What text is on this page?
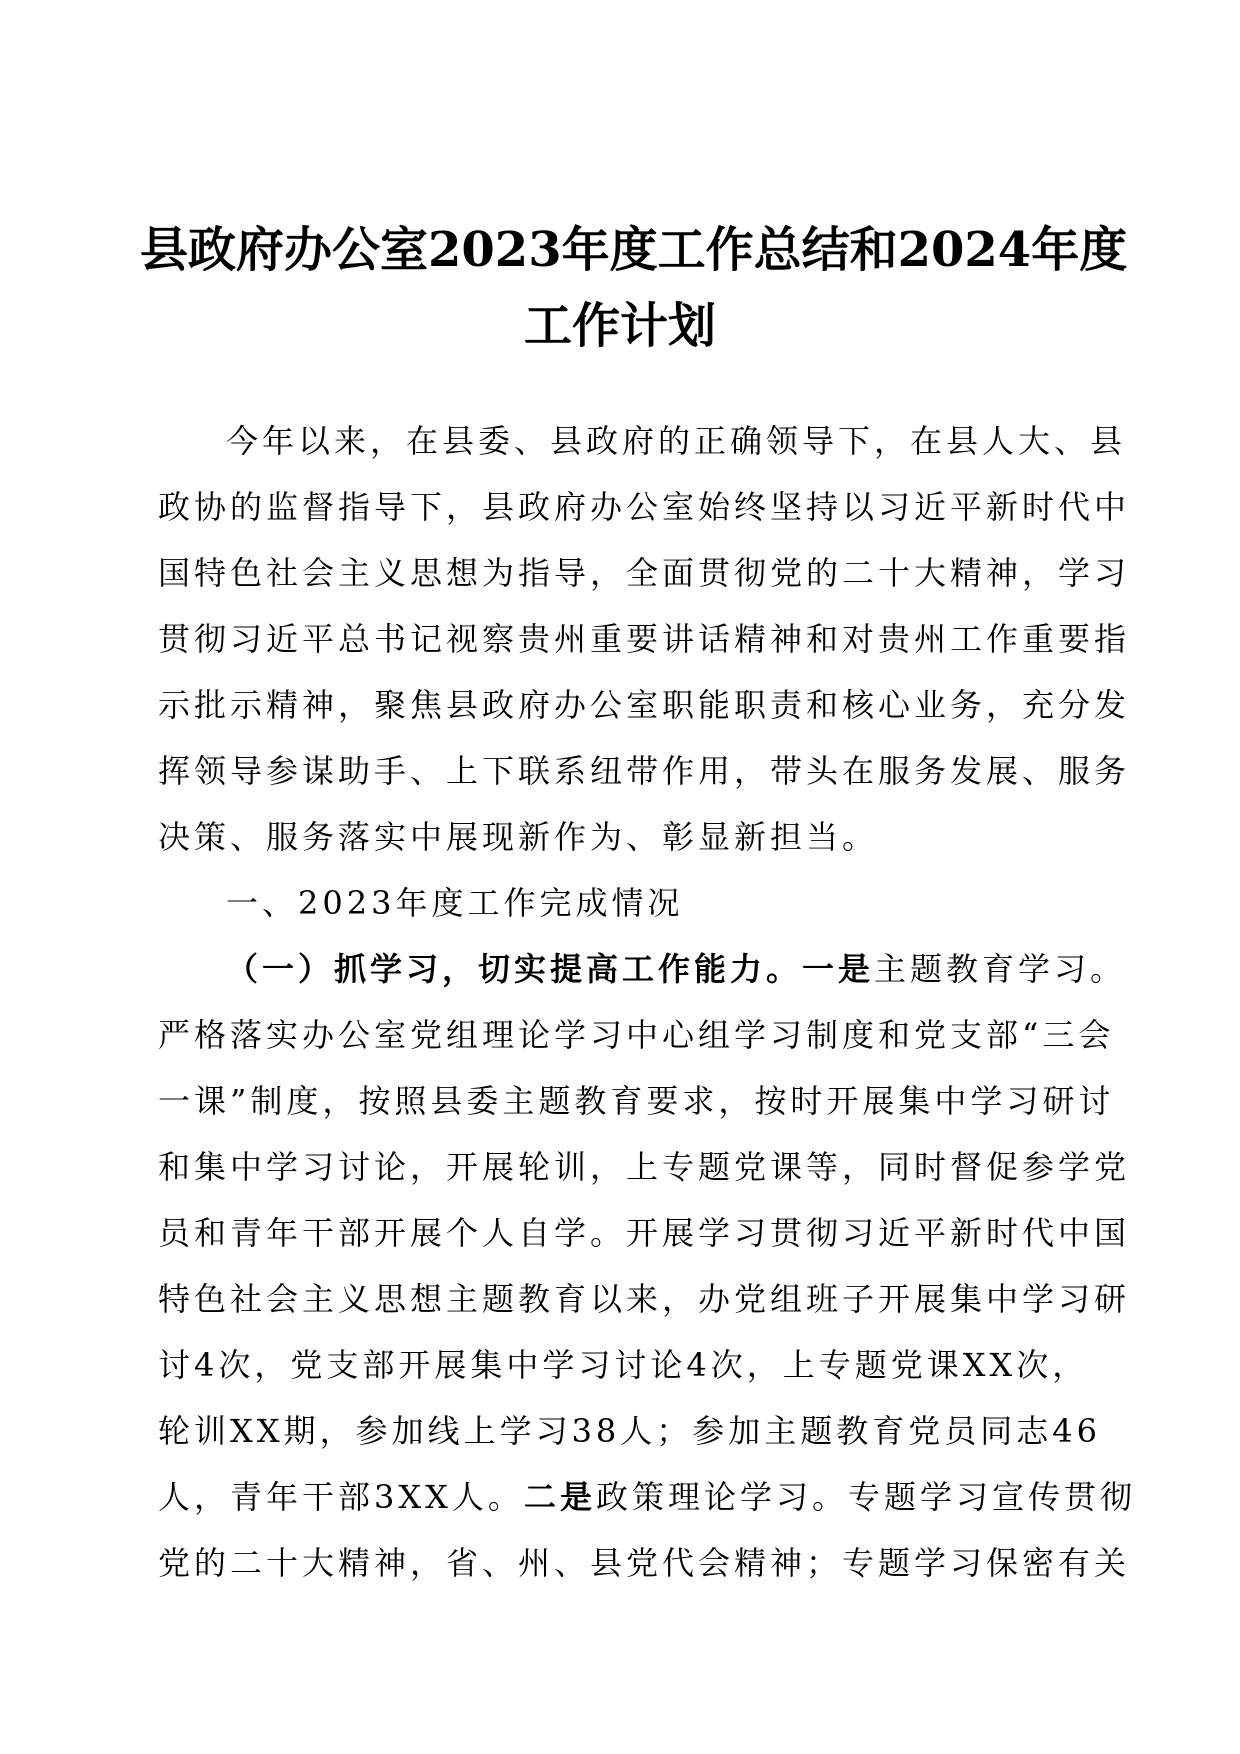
县政府办公室2023年度工作总结和2024年度
工作计划
今年以来，在县委、县政府的正确领导下，在县人大、县
政协的监督指导下，县政府办公室始终坚持以习近平新时代中
国特色社会主义思想为指导，全面贯彻党的二十大精神，学习
贯彻习近平总书记视察贵州重要讲话精神和对贵州工作重要指
示批示精神，聚焦县政府办公室职能职责和核心业务，充分发
挥领导参谋助手、上下联系纽带作用，带头在服务发展、服务
决策、服务落实中展现新作为、彰显新担当。
一、2023年度工作完成情况
（一）抓学习，切实提高工作能力。一是主题教育学习。
严格落实办公室党组理论学习中心组学习制度和党支部“三会
一课”制度，按照县委主题教育要求，按时开展集中学习研讨
和集中学习讨论，开展轮训，上专题党课等，同时督促参学党
员和青年干部开展个人自学。开展学习贯彻习近平新时代中国
特色社会主义思想主题教育以来，办党组班子开展集中学习研
讨4次，党支部开展集中学习讨论4次，上专题党课XX次，
轮训XX期，参加线上学习38人；参加主题教育党员同志46
人，青年干部3XX人。二是政策理论学习。专题学习宣传贯彻
党的二十大精神，省、州、县党代会精神；专题学习保密有关
